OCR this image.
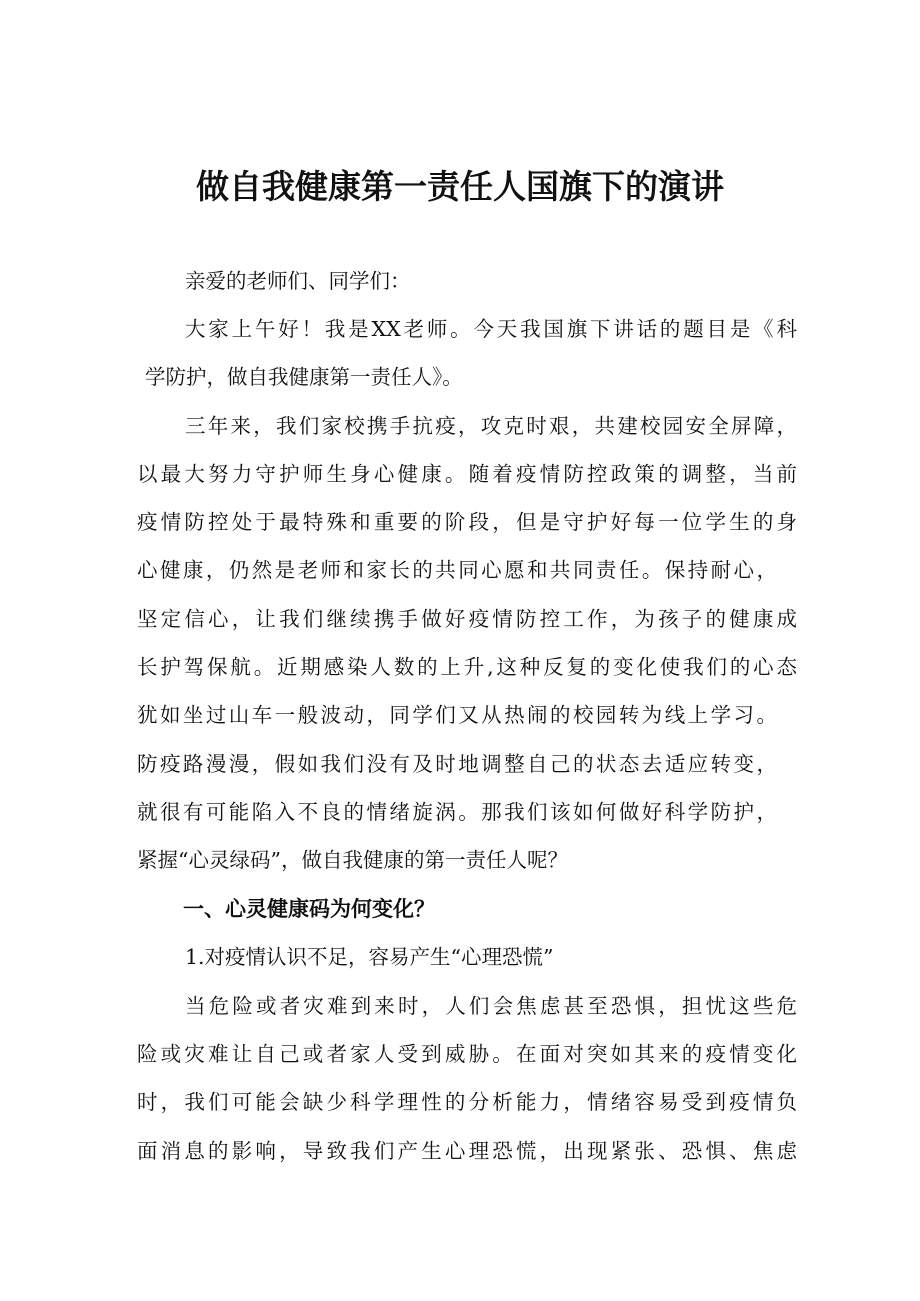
做自我健康第一责任人国旗下的演讲
亲爱的老师们、同学们：
大家上午好！我是XX老师。今天我国旗下讲话的题目是《科
学防护，做自我健康第一责任人》。
三年来，我们家校携手抗疫，攻克时艰，共建校园安全屏障，
以最大努力守护师生身心健康。随着疫情防控政策的调整，当前
疫情防控处于最特殊和重要的阶段，但是守护好每一位学生的身
心健康，仍然是老师和家长的共同心愿和共同责任。保持耐心，
坚定信心，让我们继续携手做好疫情防控工作，为孩子的健康成
长护驾保航。近期感染人数的上升,这种反复的变化使我们的心态
犹如坐过山车一般波动，同学们又从热闹的校园转为线上学习。
防疫路漫漫，假如我们没有及时地调整自己的状态去适应转变，
就很有可能陷入不良的情绪旋涡。那我们该如何做好科学防护，
紧握“心灵绿码”，做自我健康的第一责任人呢？
一、心灵健康码为何变化？
1.对疫情认识不足，容易产生“心理恐慌”
当危险或者灾难到来时，人们会焦虑甚至恐惧，担忧这些危
险或灾难让自己或者家人受到威胁。在面对突如其来的疫情变化
时，我们可能会缺少科学理性的分析能力，情绪容易受到疫情负
面消息的影响，导致我们产生心理恐慌，出现紧张、恐惧、焦虑
